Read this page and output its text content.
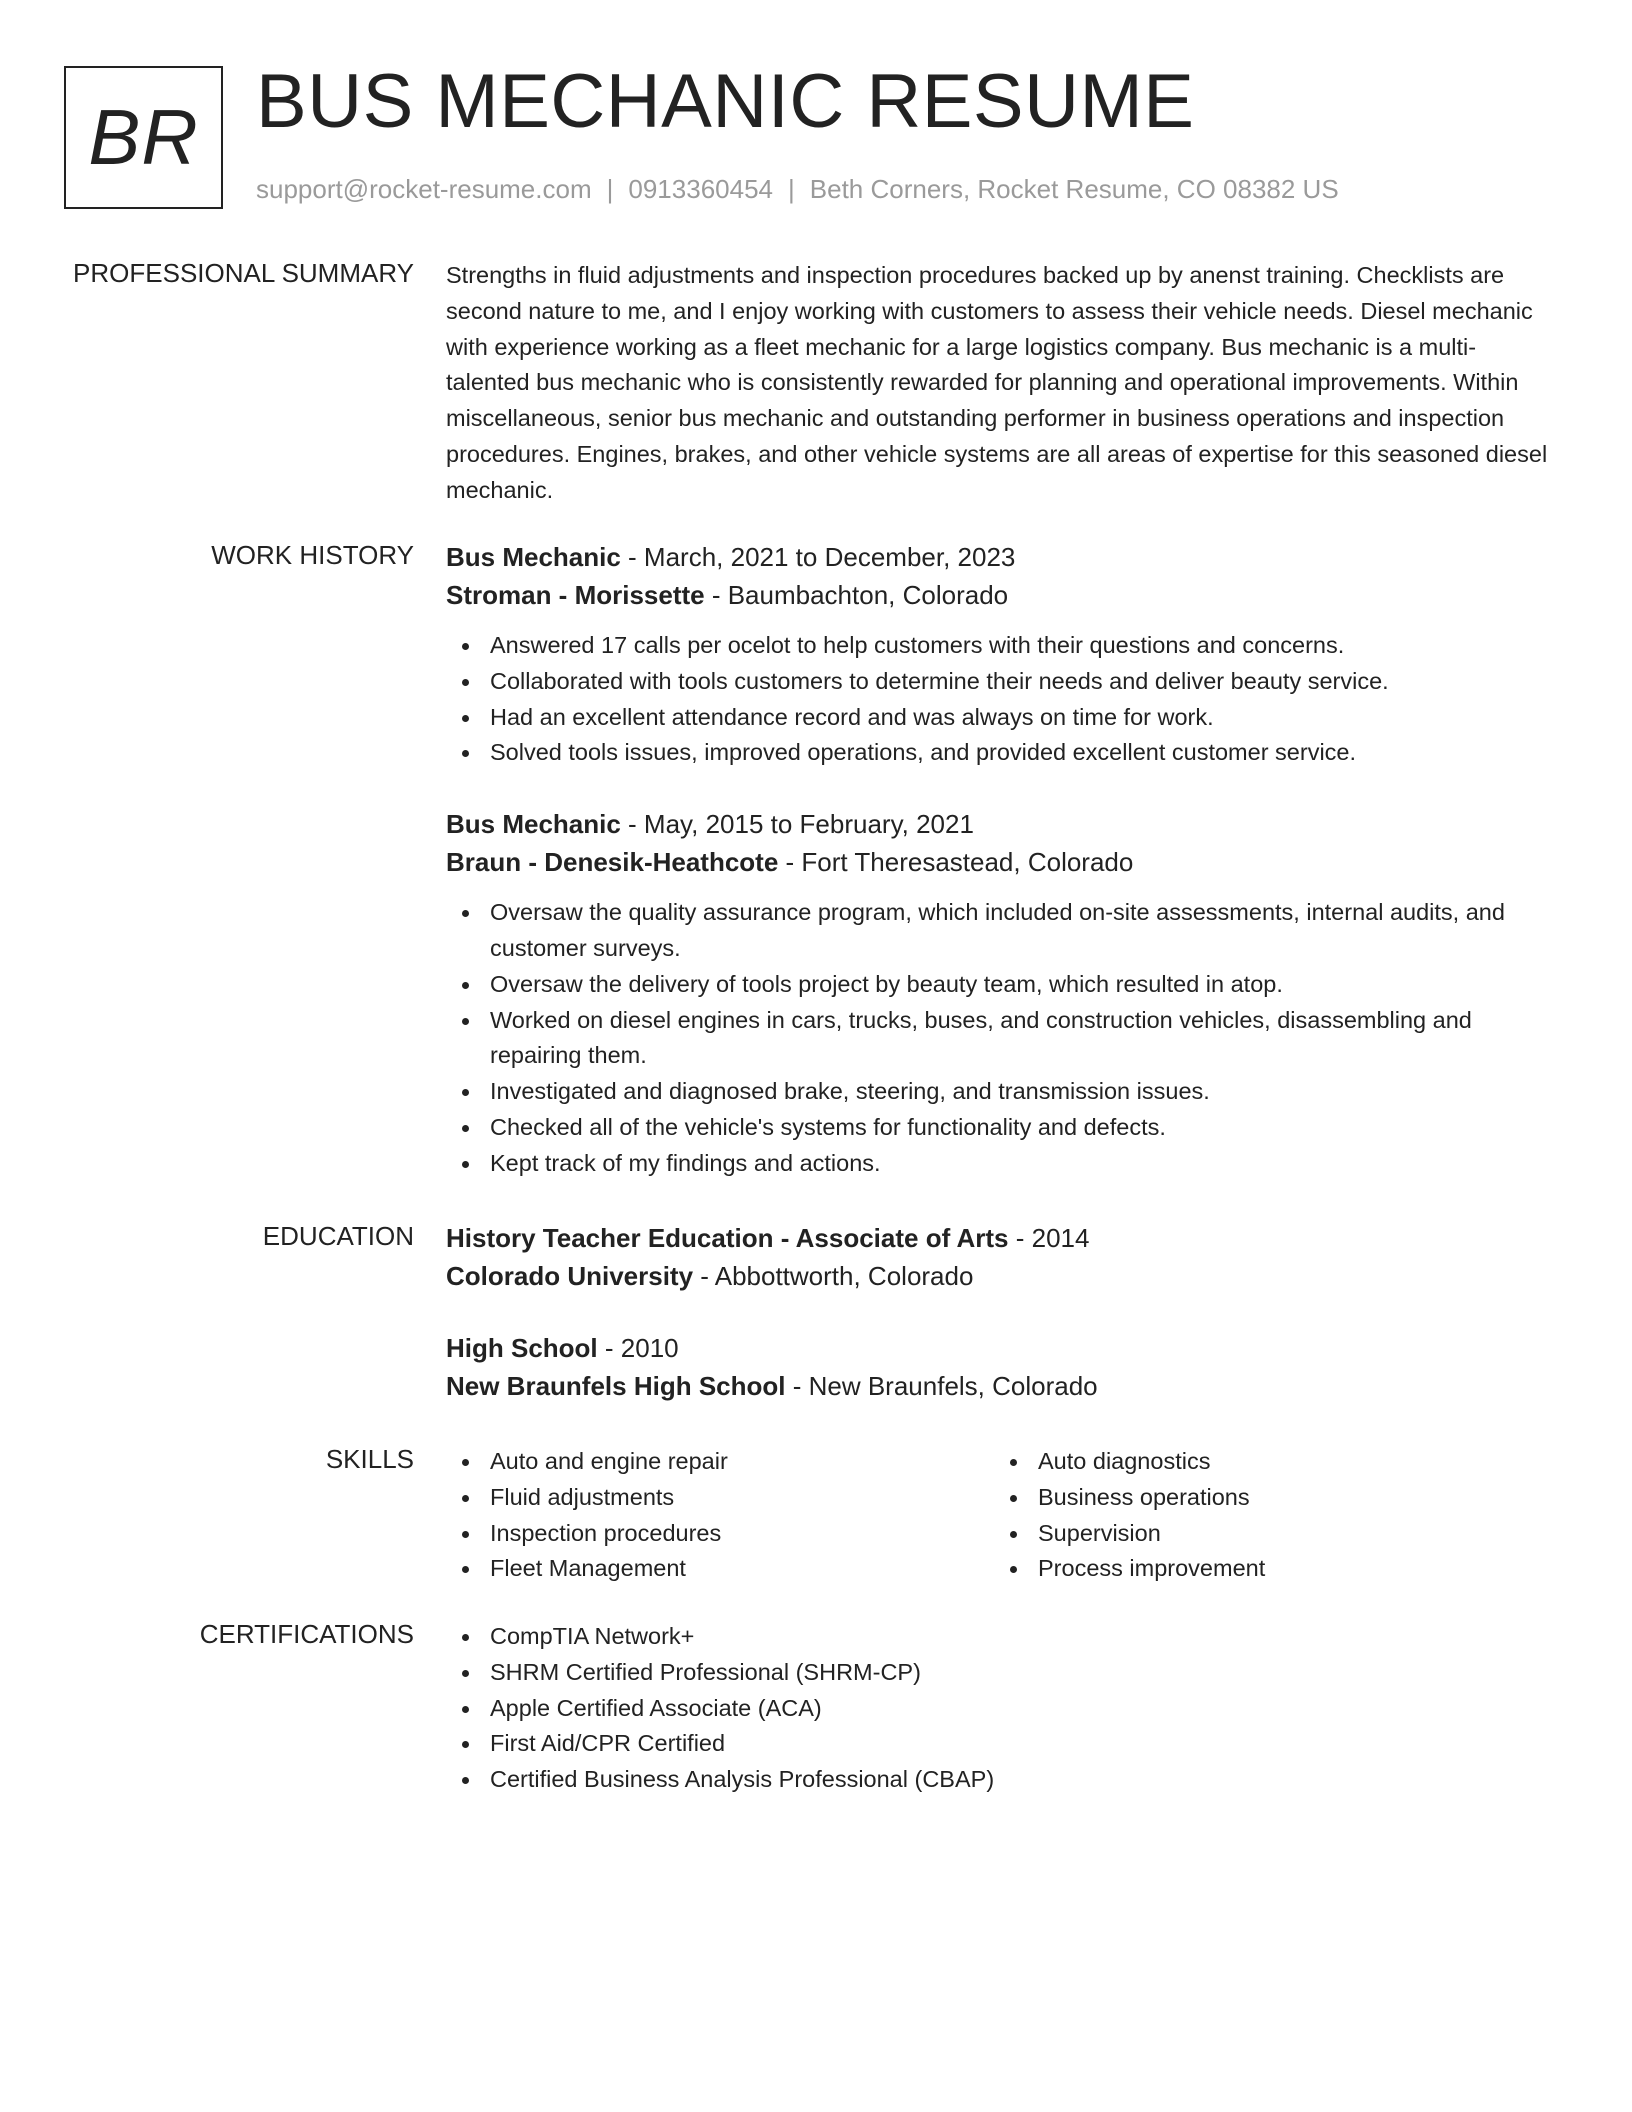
BR BUS MECHANIC RESUME
support@rocket-resume.com | 0913360454 | Beth Corners, Rocket Resume, CO 08382 US
PROFESSIONAL SUMMARY Strengths in fluid adjustments and inspection procedures backed up by anenst training. Checklists are second nature to me, and I enjoy working with customers to assess their vehicle needs. Diesel mechanic with experience working as a fleet mechanic for a large logistics company. Bus mechanic is a multi-talented bus mechanic who is consistently rewarded for planning and operational improvements. Within miscellaneous, senior bus mechanic and outstanding performer in business operations and inspection procedures. Engines, brakes, and other vehicle systems are all areas of expertise for this seasoned diesel mechanic.

WORK HISTORY Bus Mechanic - March, 2021 to December, 2023
Stroman - Morissette - Baumbachton, Colorado
Answered 17 calls per ocelot to help customers with their questions and concerns.
Collaborated with tools customers to determine their needs and deliver beauty service.
Had an excellent attendance record and was always on time for work.
Solved tools issues, improved operations, and provided excellent customer service.
Bus Mechanic - May, 2015 to February, 2021
Braun - Denesik-Heathcote - Fort Theresastead, Colorado
Oversaw the quality assurance program, which included on-site assessments, internal audits, and customer surveys.
Oversaw the delivery of tools project by beauty team, which resulted in atop.
Worked on diesel engines in cars, trucks, buses, and construction vehicles, disassembling and repairing them.
Investigated and diagnosed brake, steering, and transmission issues.
Checked all of the vehicle's systems for functionality and defects.
Kept track of my findings and actions.
EDUCATION History Teacher Education - Associate of Arts - 2014
Colorado University - Abbottworth, Colorado
High School - 2010
New Braunfels High School - New Braunfels, Colorado
SKILLS	Auto and engine repair
Fluid adjustments
Inspection procedures
Fleet Management
Auto diagnostics
Business operations
Supervision
Process improvement
CERTIFICATIONS	CompTIA Network+
SHRM Certified Professional (SHRM-CP)
Apple Certified Associate (ACA)
First Aid/CPR Certified
Certified Business Analysis Professional (CBAP)
